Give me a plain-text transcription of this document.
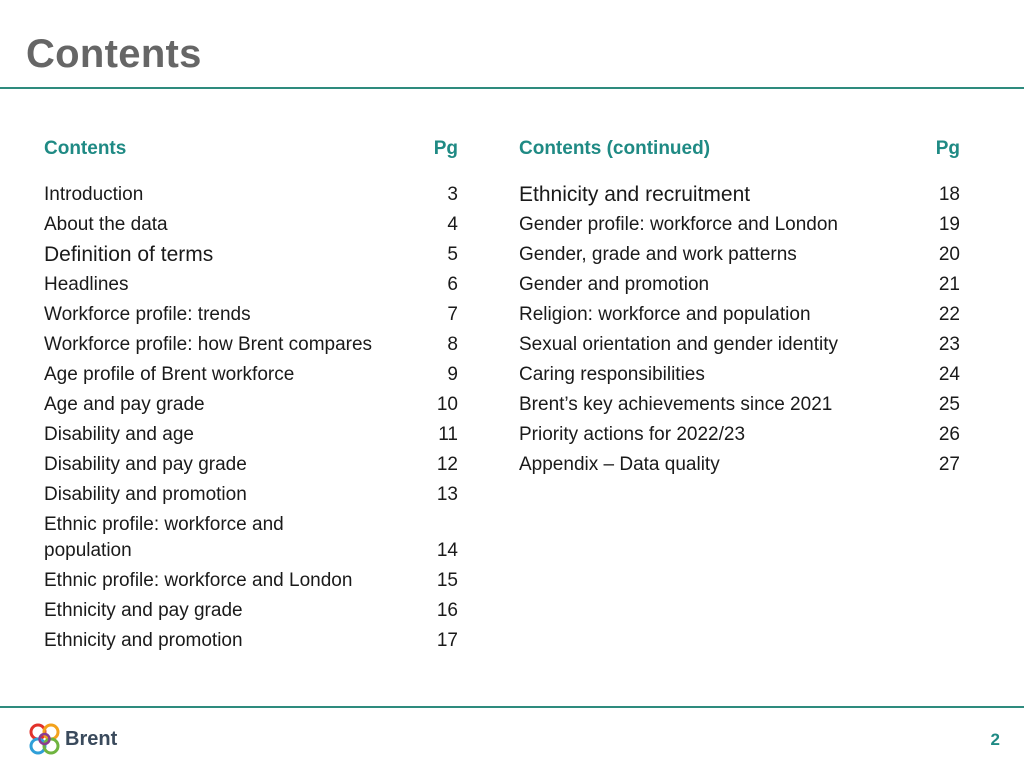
Contents
Contents	Pg
Introduction	3
About the data	4
Definition of terms	5
Headlines	6
Workforce profile: trends	7
Workforce profile: how Brent compares	8
Age profile of Brent workforce	9
Age and pay grade	10
Disability and age	11
Disability and pay grade	12
Disability and promotion	13
Ethnic profile: workforce and population	14
Ethnic profile: workforce and London	15
Ethnicity and pay grade	16
Ethnicity and promotion	17
Contents (continued)	Pg
Ethnicity and recruitment	18
Gender profile: workforce and London	19
Gender, grade and work patterns	20
Gender and promotion	21
Religion: workforce and population	22
Sexual orientation and gender identity	23
Caring responsibilities	24
Brent’s key achievements since 2021	25
Priority actions for 2022/23	26
Appendix – Data quality	27
Brent	2
